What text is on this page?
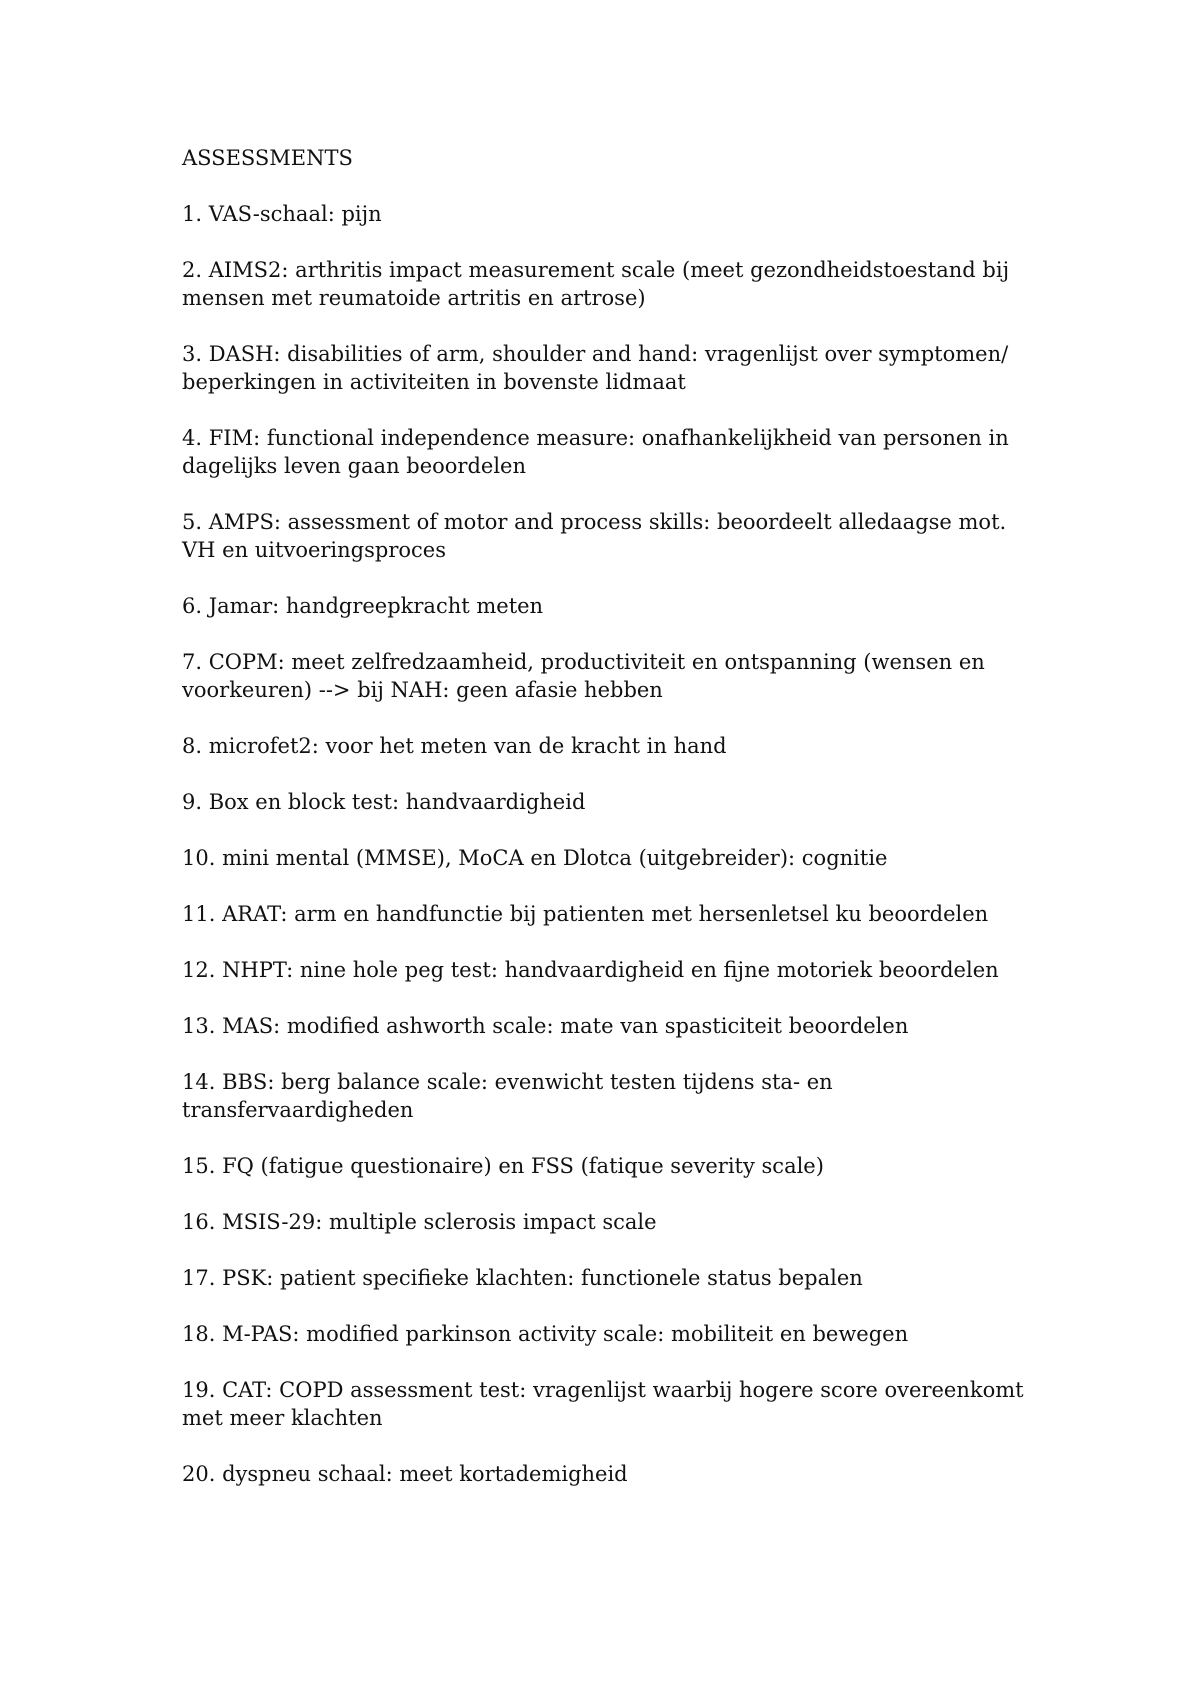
ASSESSMENTS

1. VAS-schaal: pijn
2. AIMS2: arthritis impact measurement scale (meet gezondheidstoestand bij mensen met reumatoide artritis en artrose)
3. DASH: disabilities of arm, shoulder and hand: vragenlijst over symptomen/ beperkingen in activiteiten in bovenste lidmaat
4. FIM: functional independence measure: onafhankelijkheid van personen in dagelijks leven gaan beoordelen
5. AMPS: assessment of motor and process skills: beoordeelt alledaagse mot. VH en uitvoeringsproces
6. Jamar: handgreepkracht meten
7. COPM: meet zelfredzaamheid, productiviteit en ontspanning (wensen en voorkeuren) --> bij NAH: geen afasie hebben
8. microfet2: voor het meten van de kracht in hand
9. Box en block test: handvaardigheid
10. mini mental (MMSE), MoCA en Dlotca (uitgebreider): cognitie
11. ARAT: arm en handfunctie bij patienten met hersenletsel ku beoordelen
12. NHPT: nine hole peg test: handvaardigheid en fijne motoriek beoordelen
13. MAS: modified ashworth scale: mate van spasticiteit beoordelen
14. BBS: berg balance scale: evenwicht testen tijdens sta- en transfervaardigheden
15. FQ (fatigue questionaire) en FSS (fatique severity scale)
16. MSIS-29: multiple sclerosis impact scale
17. PSK: patient specifieke klachten: functionele status bepalen
18. M-PAS: modified parkinson activity scale: mobiliteit en bewegen
19. CAT: COPD assessment test: vragenlijst waarbij hogere score overeenkomt met meer klachten
20. dyspneu schaal: meet kortademigheid
